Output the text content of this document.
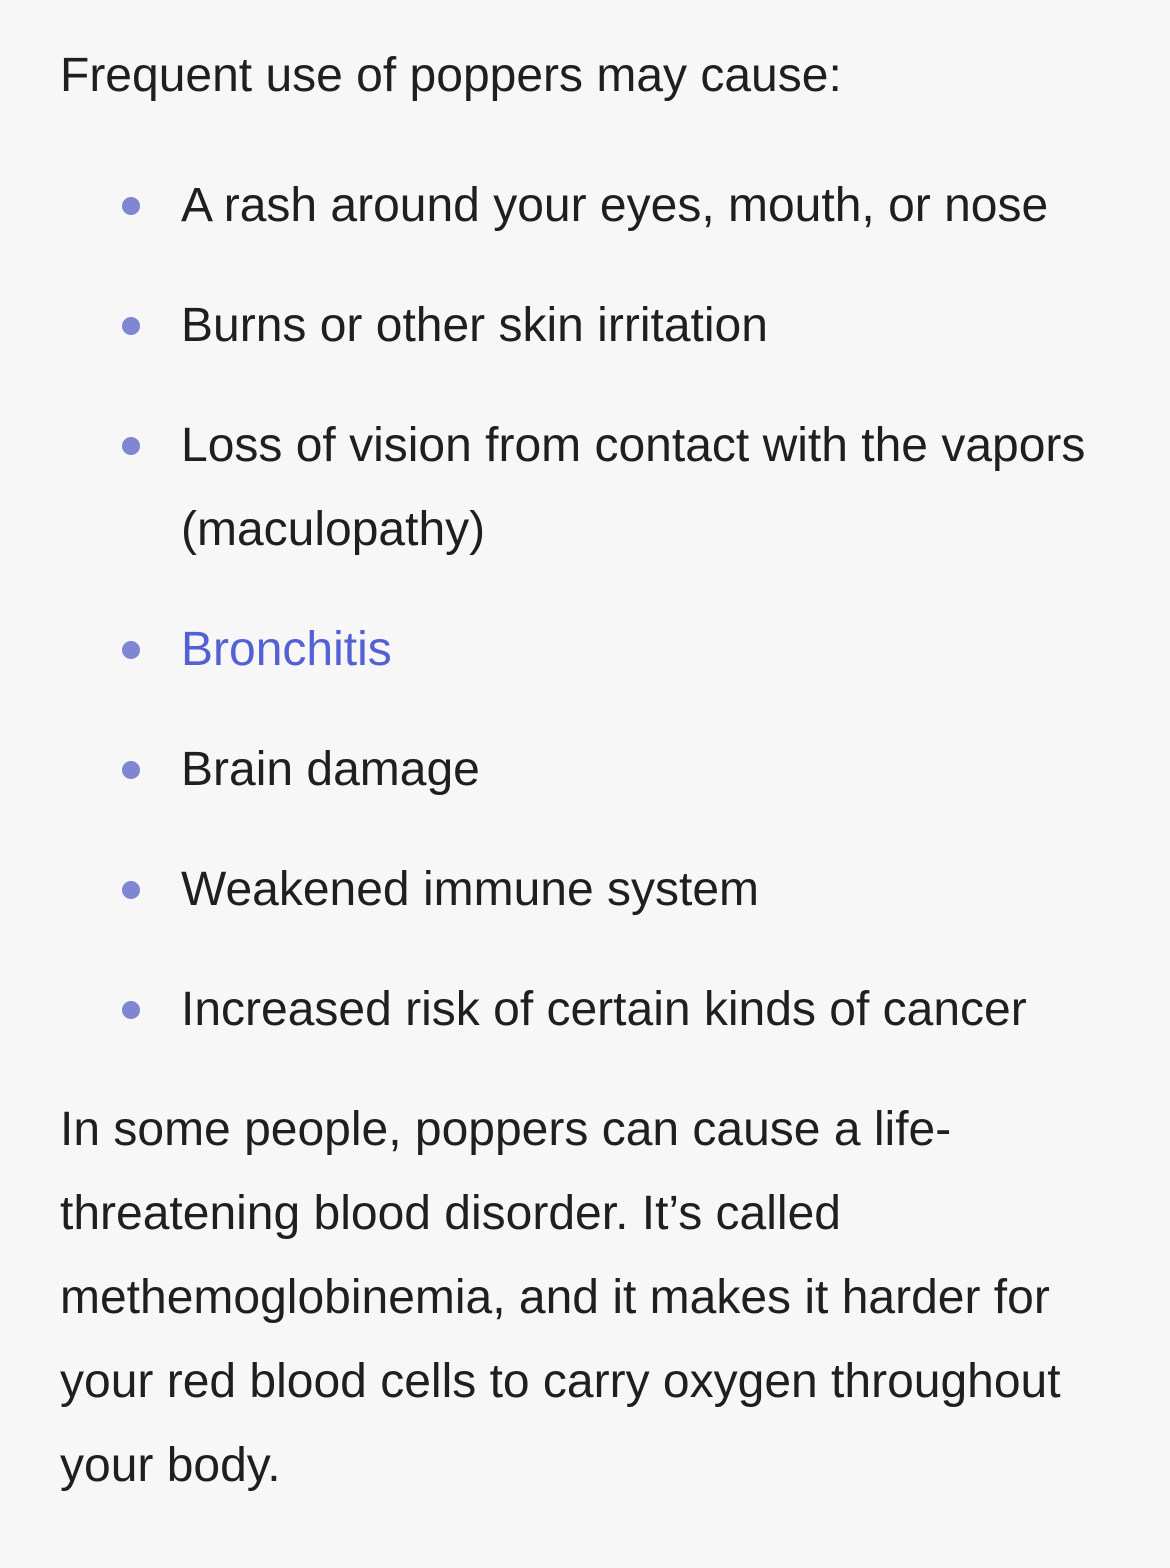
Frequent use of poppers may cause:

A rash around your eyes, mouth, or nose
Burns or other skin irritation
Loss of vision from contact with the vapors (maculopathy)
Bronchitis
Brain damage
Weakened immune system
Increased risk of certain kinds of cancer

In some people, poppers can cause a life-threatening blood disorder. It’s called methemoglobinemia, and it makes it harder for your red blood cells to carry oxygen throughout your body.
